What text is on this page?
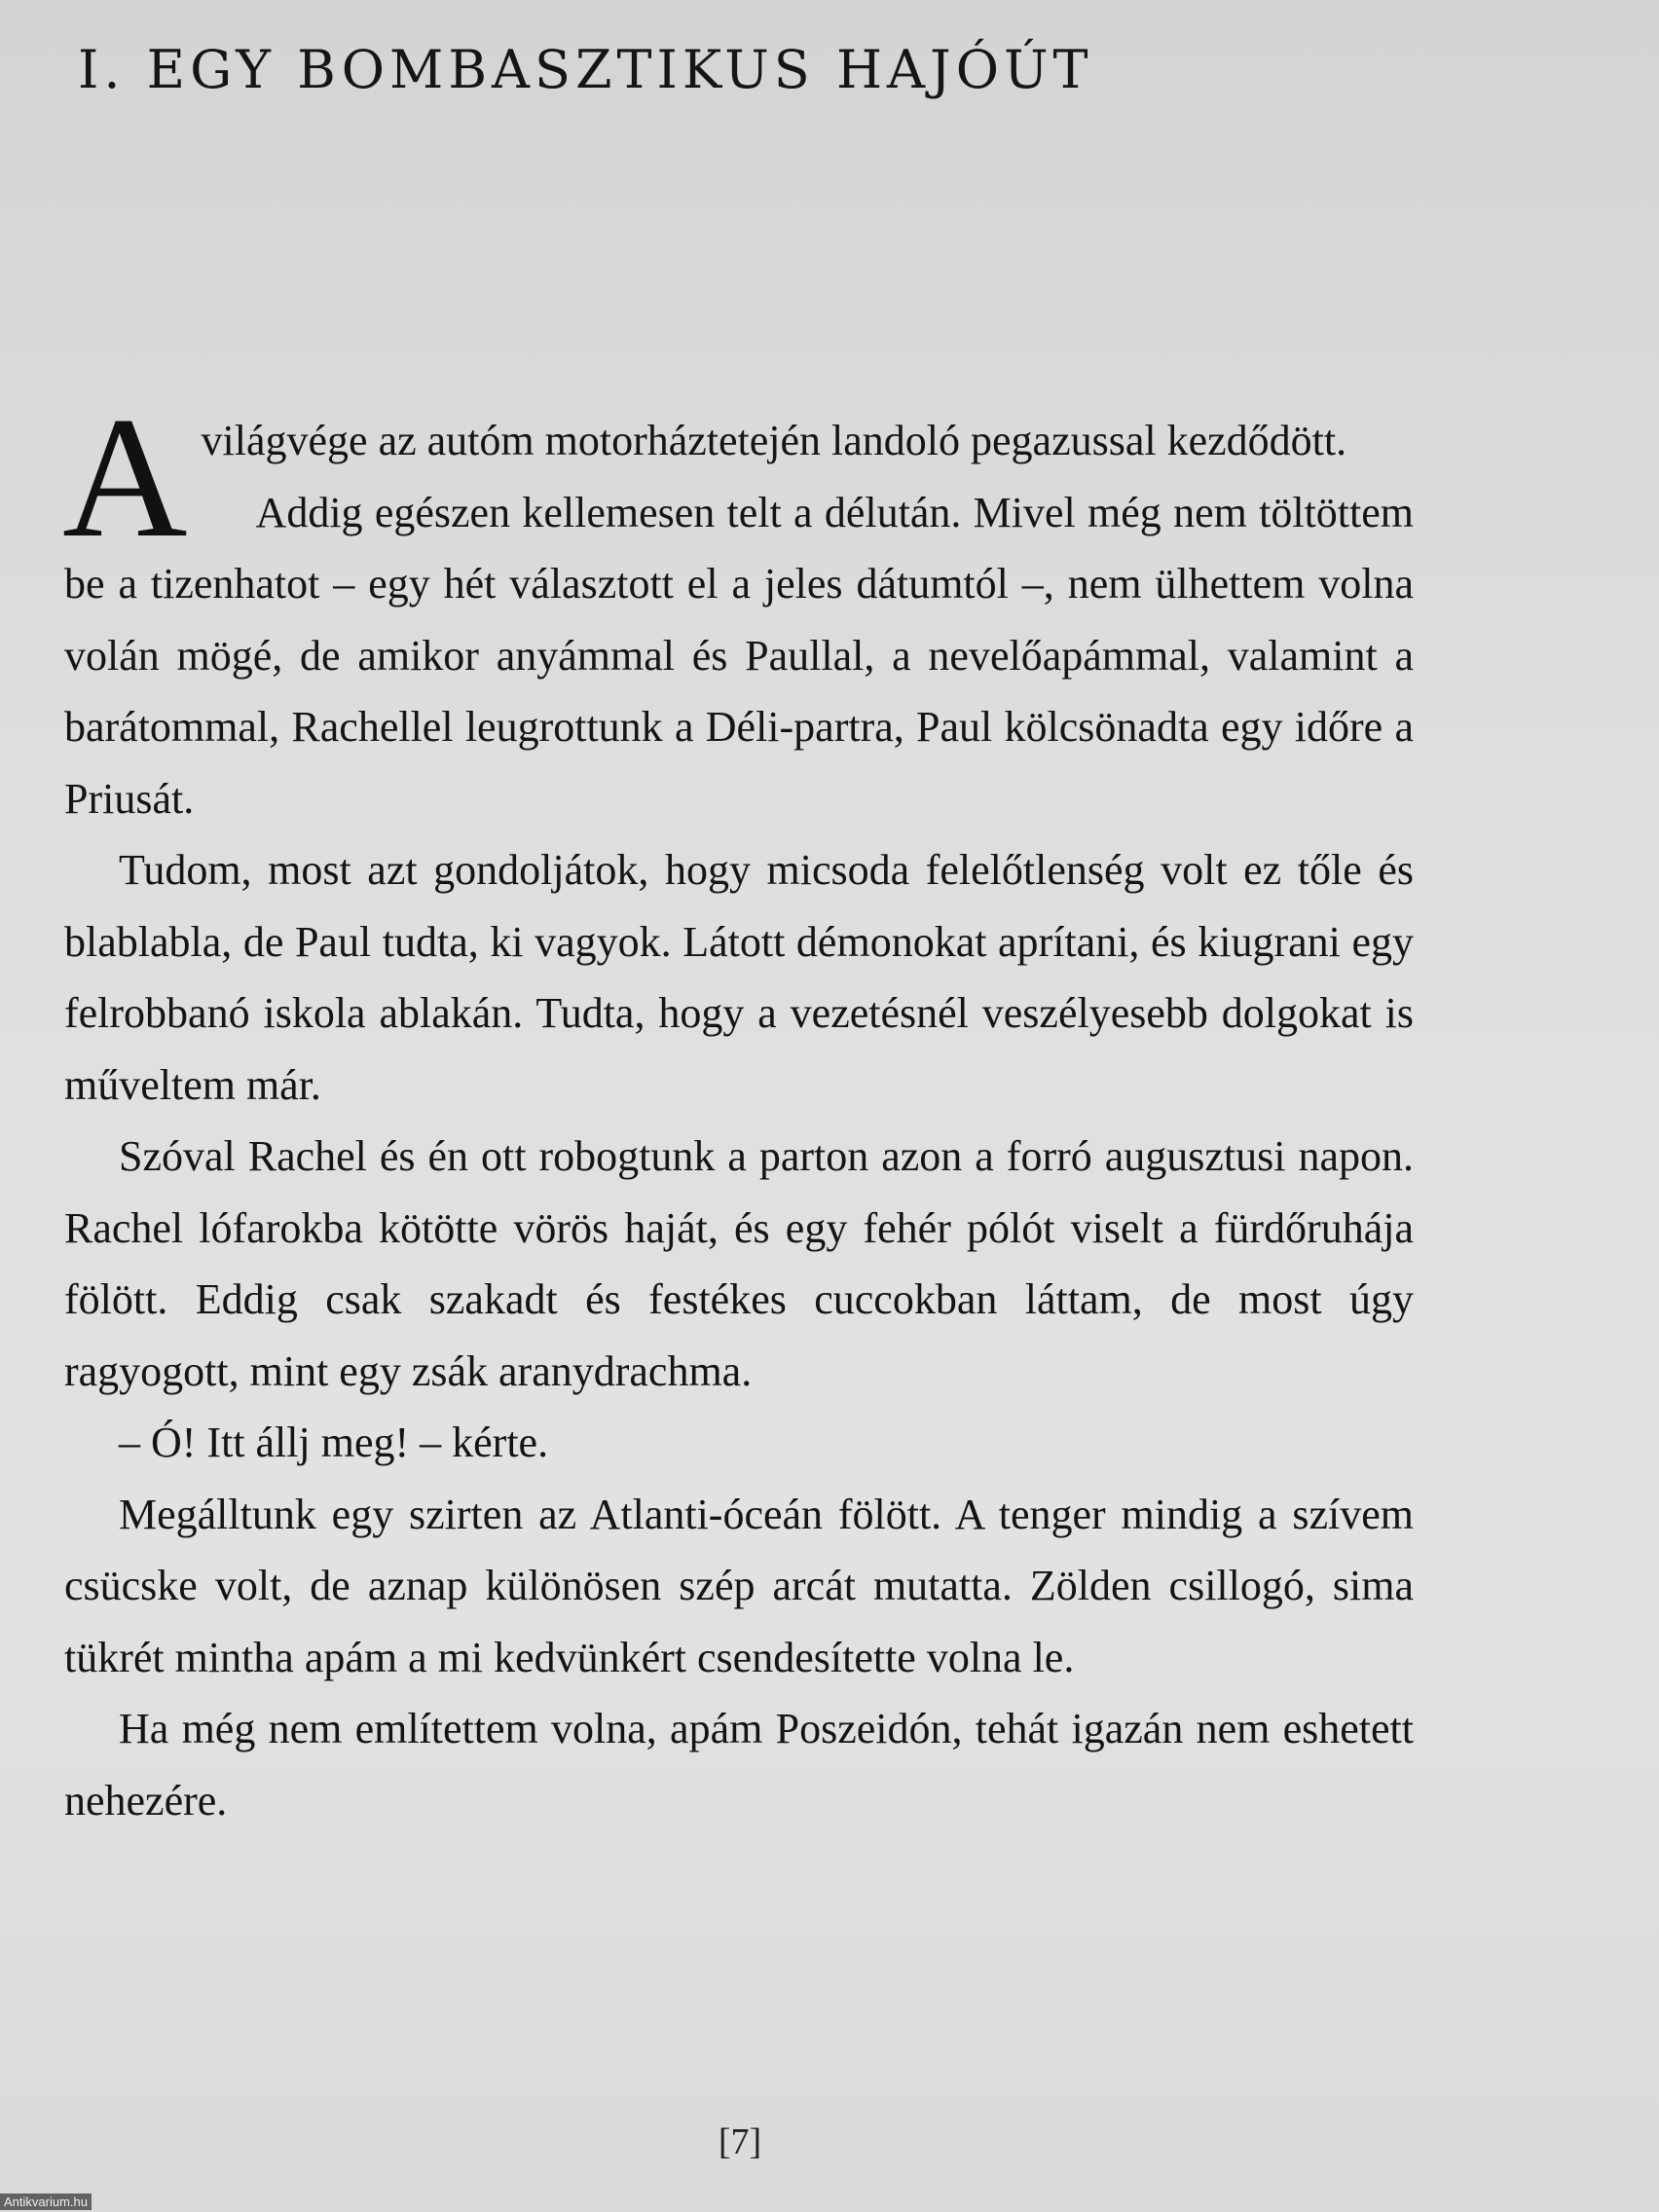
I. EGY BOMBASZTIKUS HAJÓÚT

A világvége az autóm motorháztetején landoló pegazussal kezdődött.

Addig egészen kellemesen telt a délután. Mivel még nem töltöttem be a tizenhatot – egy hét választott el a jeles dátumtól –, nem ülhettem volna volán mögé, de amikor anyámmal és Paullal, a nevelőapámmal, valamint a barátommal, Rachellel leugrottunk a Déli-partra, Paul kölcsönadta egy időre a Priusát.

Tudom, most azt gondoljátok, hogy micsoda felelőtlenség volt ez tőle és blablabla, de Paul tudta, ki vagyok. Látott démonokat aprítani, és kiugrani egy felrobbanó iskola ablakán. Tudta, hogy a vezetésnél veszélyesebb dolgokat is műveltem már.

Szóval Rachel és én ott robogtunk a parton azon a forró augusztusi napon. Rachel lófarokba kötötte vörös haját, és egy fehér pólót viselt a fürdőruhája fölött. Eddig csak szakadt és festékes cuccokban láttam, de most úgy ragyogott, mint egy zsák aranydrachma.

– Ó! Itt állj meg! – kérte.

Megálltunk egy szirten az Atlanti-óceán fölött. A tenger mindig a szívem csücske volt, de aznap különösen szép arcát mutatta. Zölden csillogó, sima tükrét mintha apám a mi kedvünkért csendesítette volna le.

Ha még nem említettem volna, apám Poszeidón, tehát igazán nem eshetett nehezére.

[7]
Antikvarium.hu
